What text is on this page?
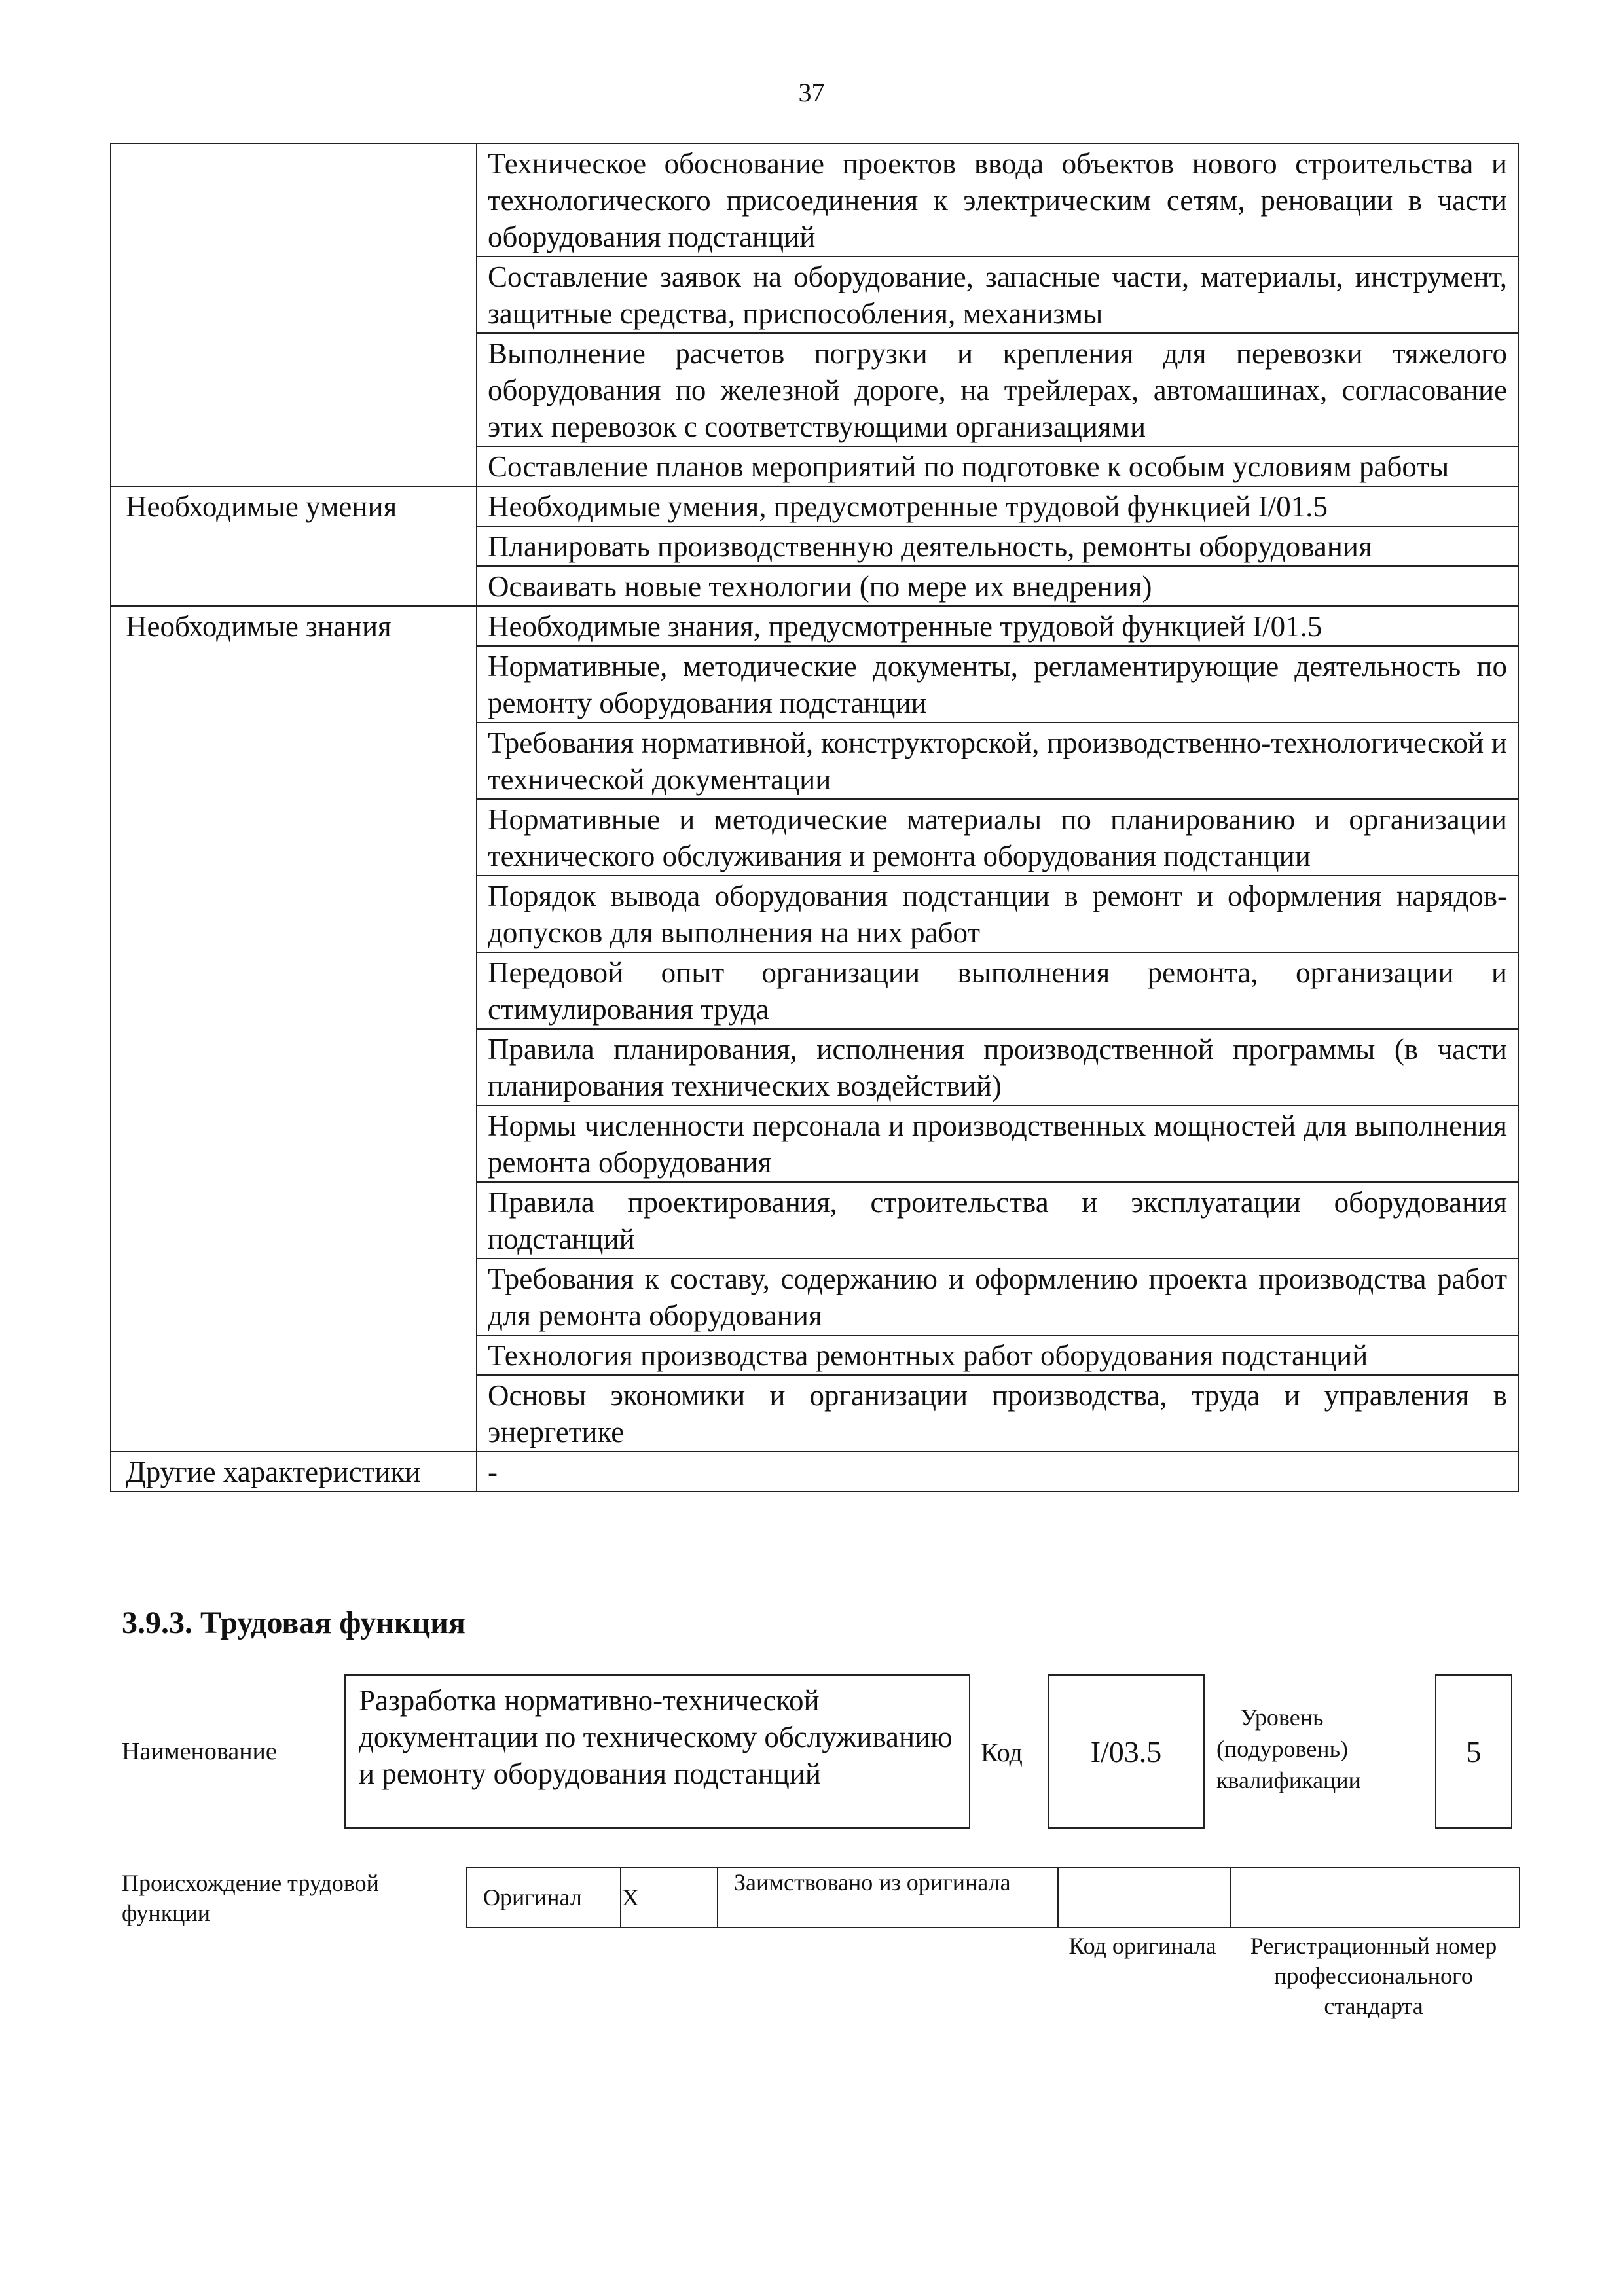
37
	Техническое обоснование проектов ввода объектов нового строительства и технологического присоединения к электрическим сетям, реновации в части оборудования подстанций
	Составление заявок на оборудование, запасные части, материалы, инструмент, защитные средства, приспособления, механизмы
	Выполнение расчетов погрузки и крепления для перевозки тяжелого оборудования по железной дороге, на трейлерах, автомашинах, согласование этих перевозок с соответствующими организациями
	Составление планов мероприятий по подготовке к особым условиям работы
Необходимые умения	Необходимые умения, предусмотренные трудовой функцией I/01.5
	Планировать производственную деятельность, ремонты оборудования
	Осваивать новые технологии (по мере их внедрения)
Необходимые знания	Необходимые знания, предусмотренные трудовой функцией I/01.5
	Нормативные, методические документы, регламентирующие деятельность по ремонту оборудования подстанции
	Требования нормативной, конструкторской, производственно-технологической и технической документации
	Нормативные и методические материалы по планированию и организации технического обслуживания и ремонта оборудования подстанции
	Порядок вывода оборудования подстанции в ремонт и оформления нарядов-допусков для выполнения на них работ
	Передовой опыт организации выполнения ремонта, организации и стимулирования труда
	Правила планирования, исполнения производственной программы (в части планирования технических воздействий)
	Нормы численности персонала и производственных мощностей для выполнения ремонта оборудования
	Правила проектирования, строительства и эксплуатации оборудования подстанций
	Требования к составу, содержанию и оформлению проекта производства работ для ремонта оборудования
	Технология производства ремонтных работ оборудования подстанций
	Основы экономики и организации производства, труда и управления в энергетике
Другие характеристики	-
3.9.3. Трудовая функция
Наименование
Разработка нормативно-технической документации по техническому обслуживанию и ремонту оборудования подстанций
Код I/03.5
Уровень (подуровень) квалификации
5
Происхождение трудовой функции
Оригинал	X	Заимствовано из оригинала		
Код оригинала	Регистрационный номер профессионального стандарта
